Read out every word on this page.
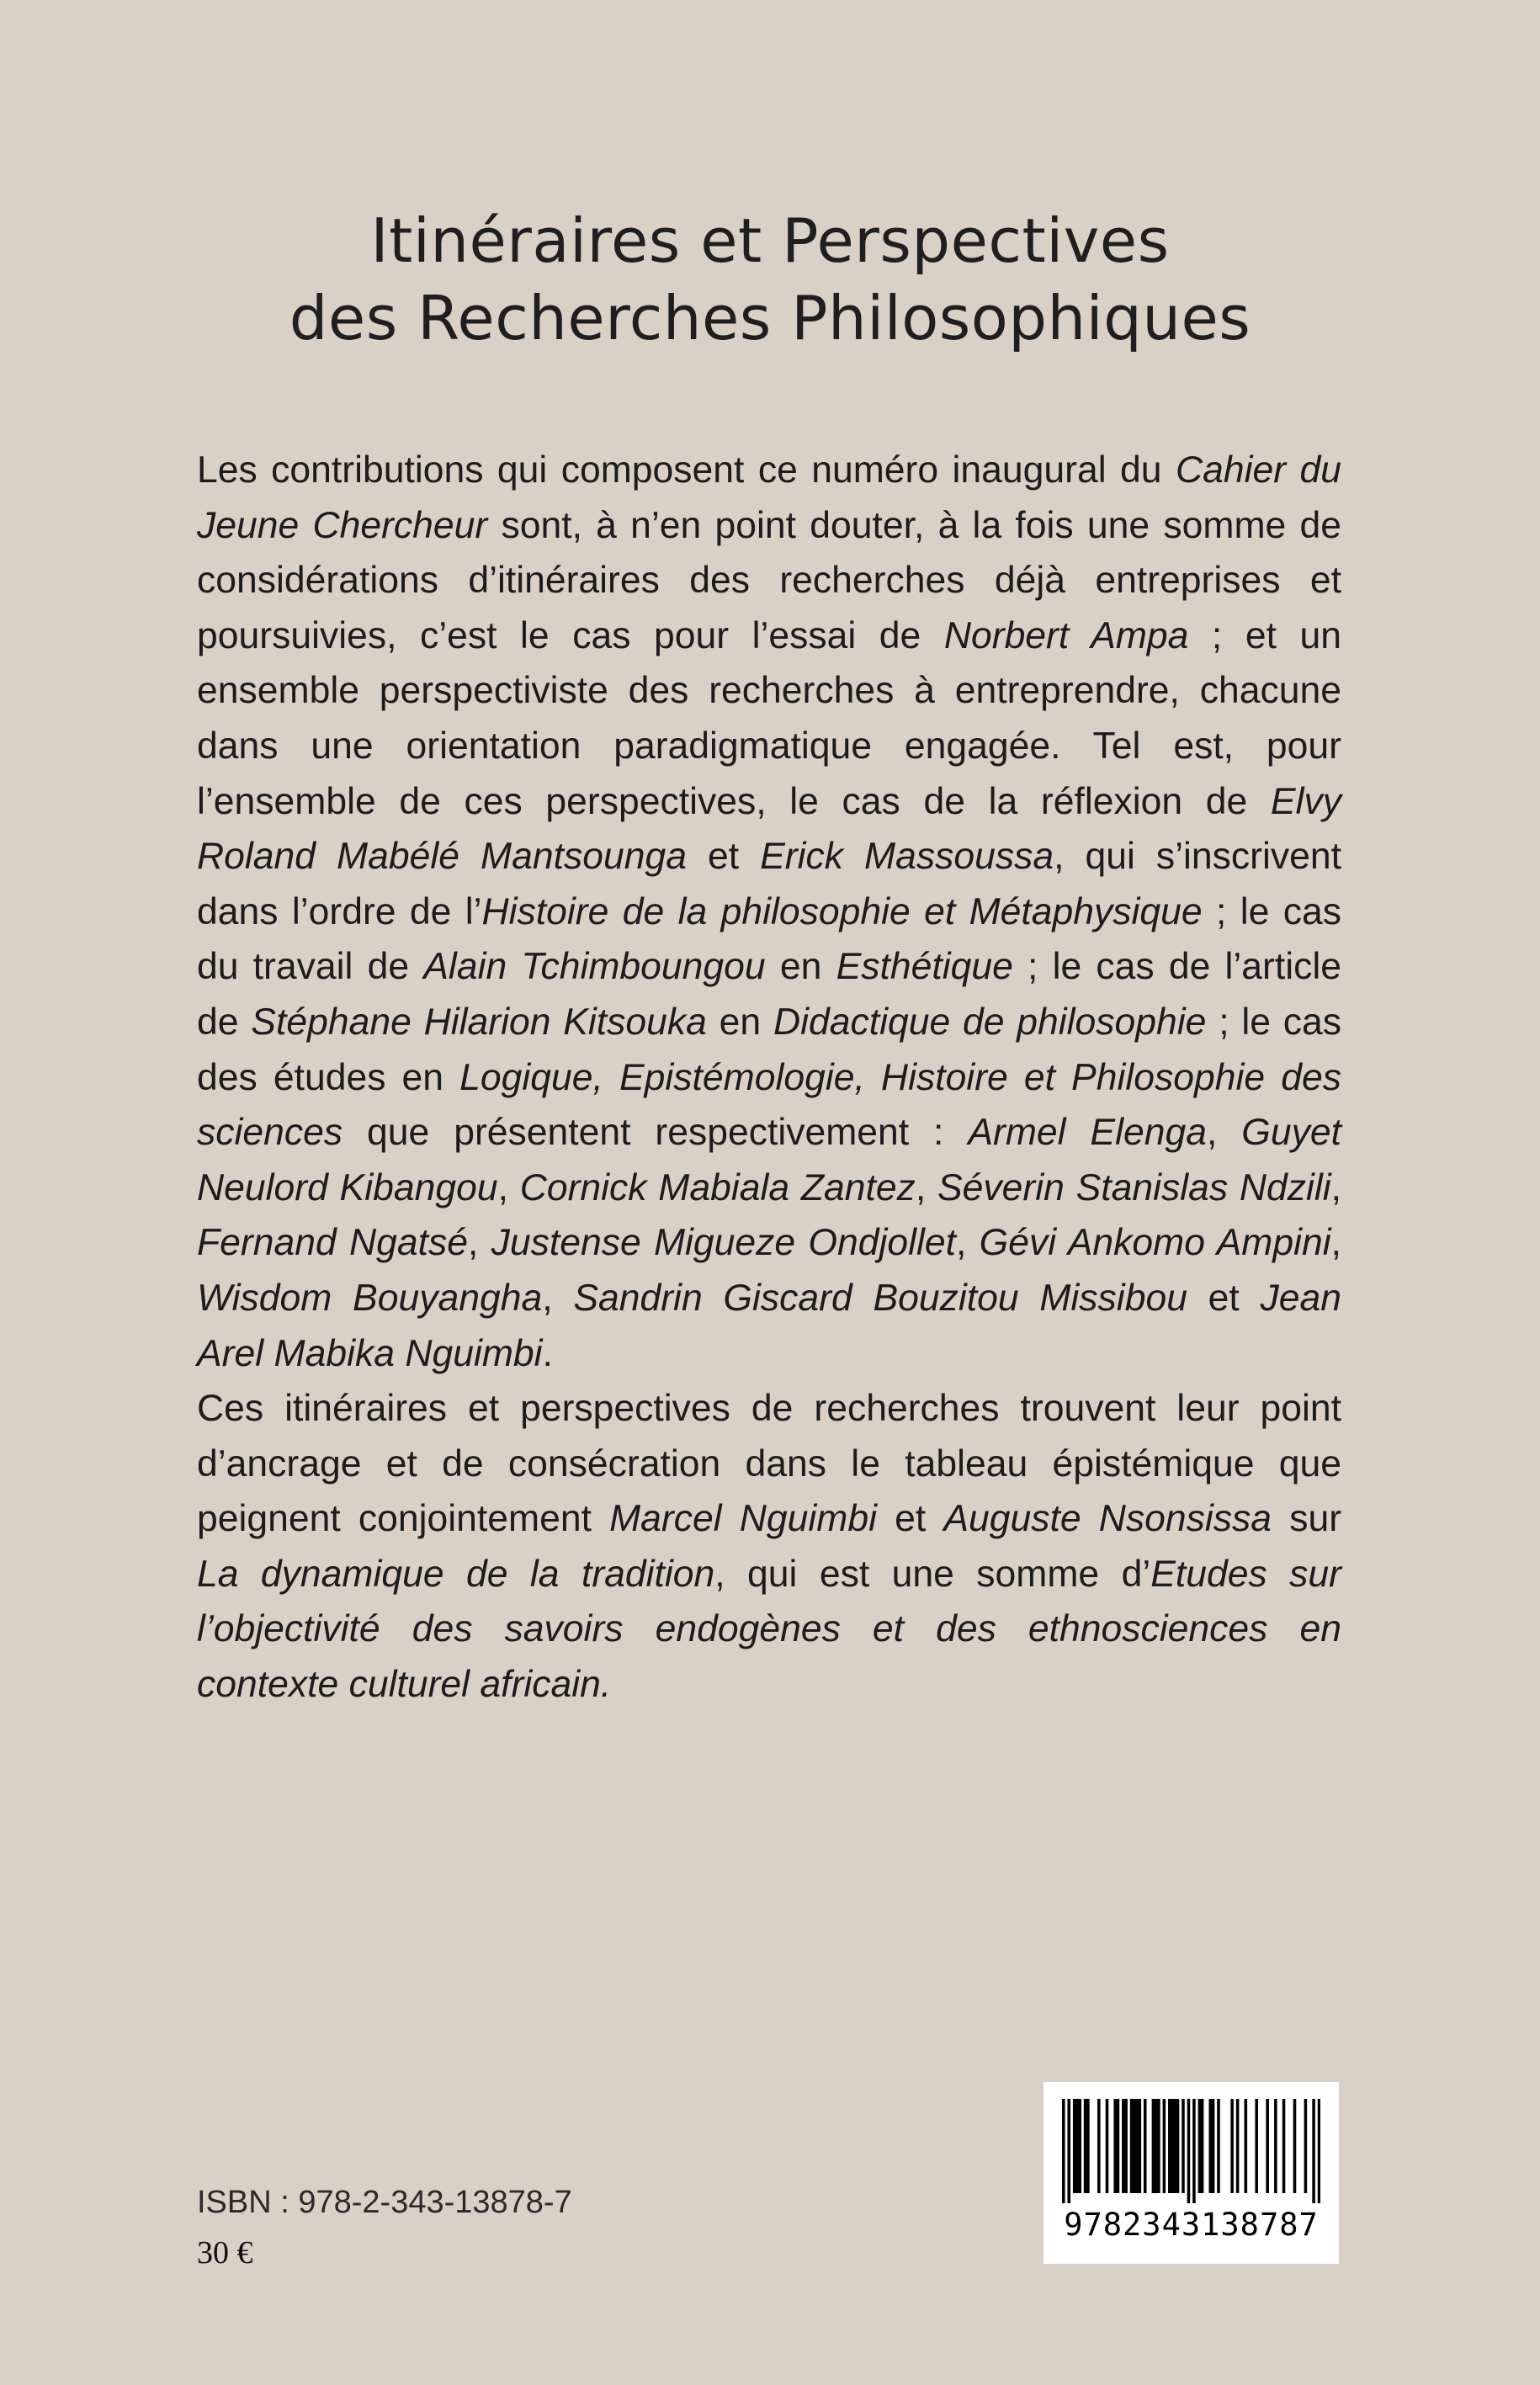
Itinéraires et Perspectives
des Recherches Philosophiques

Les contributions qui composent ce numéro inaugural du Cahier du Jeune Chercheur sont, à n’en point douter, à la fois une somme de considérations d’itinéraires des recherches déjà entreprises et poursuivies, c’est le cas pour l’essai de Norbert Ampa ; et un ensemble perspectiviste des recherches à entreprendre, chacune dans une orientation paradigmatique engagée. Tel est, pour l’ensemble de ces perspectives, le cas de la réflexion de Elvy Roland Mabélé Mantsounga et Erick Massoussa, qui s’inscrivent dans l’ordre de l’Histoire de la philosophie et Métaphysique ; le cas du travail de Alain Tchimboungou en Esthétique ; le cas de l’article de Stéphane Hilarion Kitsouka en Didactique de philosophie ; le cas des études en Logique, Epistémologie, Histoire et Philosophie des sciences que présentent respectivement : Armel Elenga, Guyet Neulord Kibangou, Cornick Mabiala Zantez, Séverin Stanislas Ndzili, Fernand Ngatsé, Justense Migueze Ondjollet, Gévi Ankomo Ampini, Wisdom Bouyangha, Sandrin Giscard Bouzitou Missibou et Jean Arel Mabika Nguimbi.

Ces itinéraires et perspectives de recherches trouvent leur point d’ancrage et de consécration dans le tableau épistémique que peignent conjointement Marcel Nguimbi et Auguste Nsonsissa sur La dynamique de la tradition, qui est une somme d’Etudes sur l’objectivité des savoirs endogènes et des ethnosciences en contexte culturel africain.

ISBN : 978-2-343-13878-7
30 €
9782343138787
